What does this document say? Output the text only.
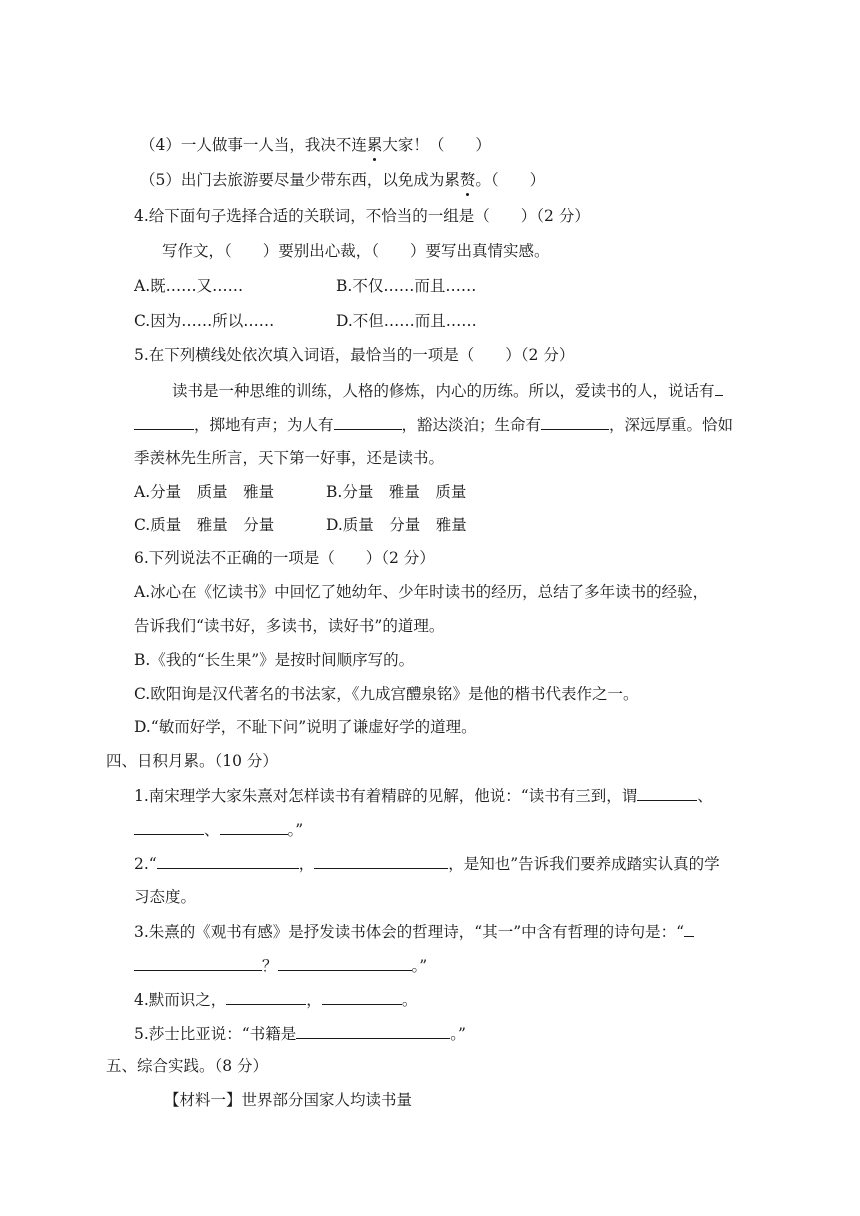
（4）一人做事一人当，我决不连累大家！（　　）
（5）出门去旅游要尽量少带东西，以免成为累赘。（　　）
4.给下面句子选择合适的关联词，不恰当的一组是（　　）（2 分）
写作文，（　　）要别出心裁，（　　）要写出真情实感。
A.既……又……	B.不仅……而且……
C.因为……所以……	D.不但……而且……
5.在下列横线处依次填入词语，最恰当的一项是（　　）（2 分）
读书是一种思维的训练，人格的修炼，内心的历练。所以，爱读书的人，说话有
，掷地有声；为人有	，豁达淡泊；生命有	，深远厚重。恰如
季羡林先生所言，天下第一好事，还是读书。
A.分量　质量　雅量	B.分量　雅量　质量
C.质量　雅量　分量	D.质量　分量　雅量
6.下列说法不正确的一项是（　　）（2 分）
A.冰心在《忆读书》中回忆了她幼年、少年时读书的经历，总结了多年读书的经验，
告诉我们“读书好，多读书，读好书”的道理。
B.《我的“长生果”》是按时间顺序写的。
C.欧阳询是汉代著名的书法家，《九成宫醴泉铭》是他的楷书代表作之一。
D.“敏而好学，不耻下问”说明了谦虚好学的道理。
四、日积月累。（10 分）
1.南宋理学大家朱熹对怎样读书有着精辟的见解，他说：“读书有三到，谓	、
、	。”
2.“	，	，是知也”告诉我们要养成踏实认真的学
习态度。
3.朱熹的《观书有感》是抒发读书体会的哲理诗，“其一”中含有哲理的诗句是：“
？	。”
4.默而识之，	，	。
5.莎士比亚说：“书籍是	。”
五、综合实践。（8 分）
【材料一】世界部分国家人均读书量
